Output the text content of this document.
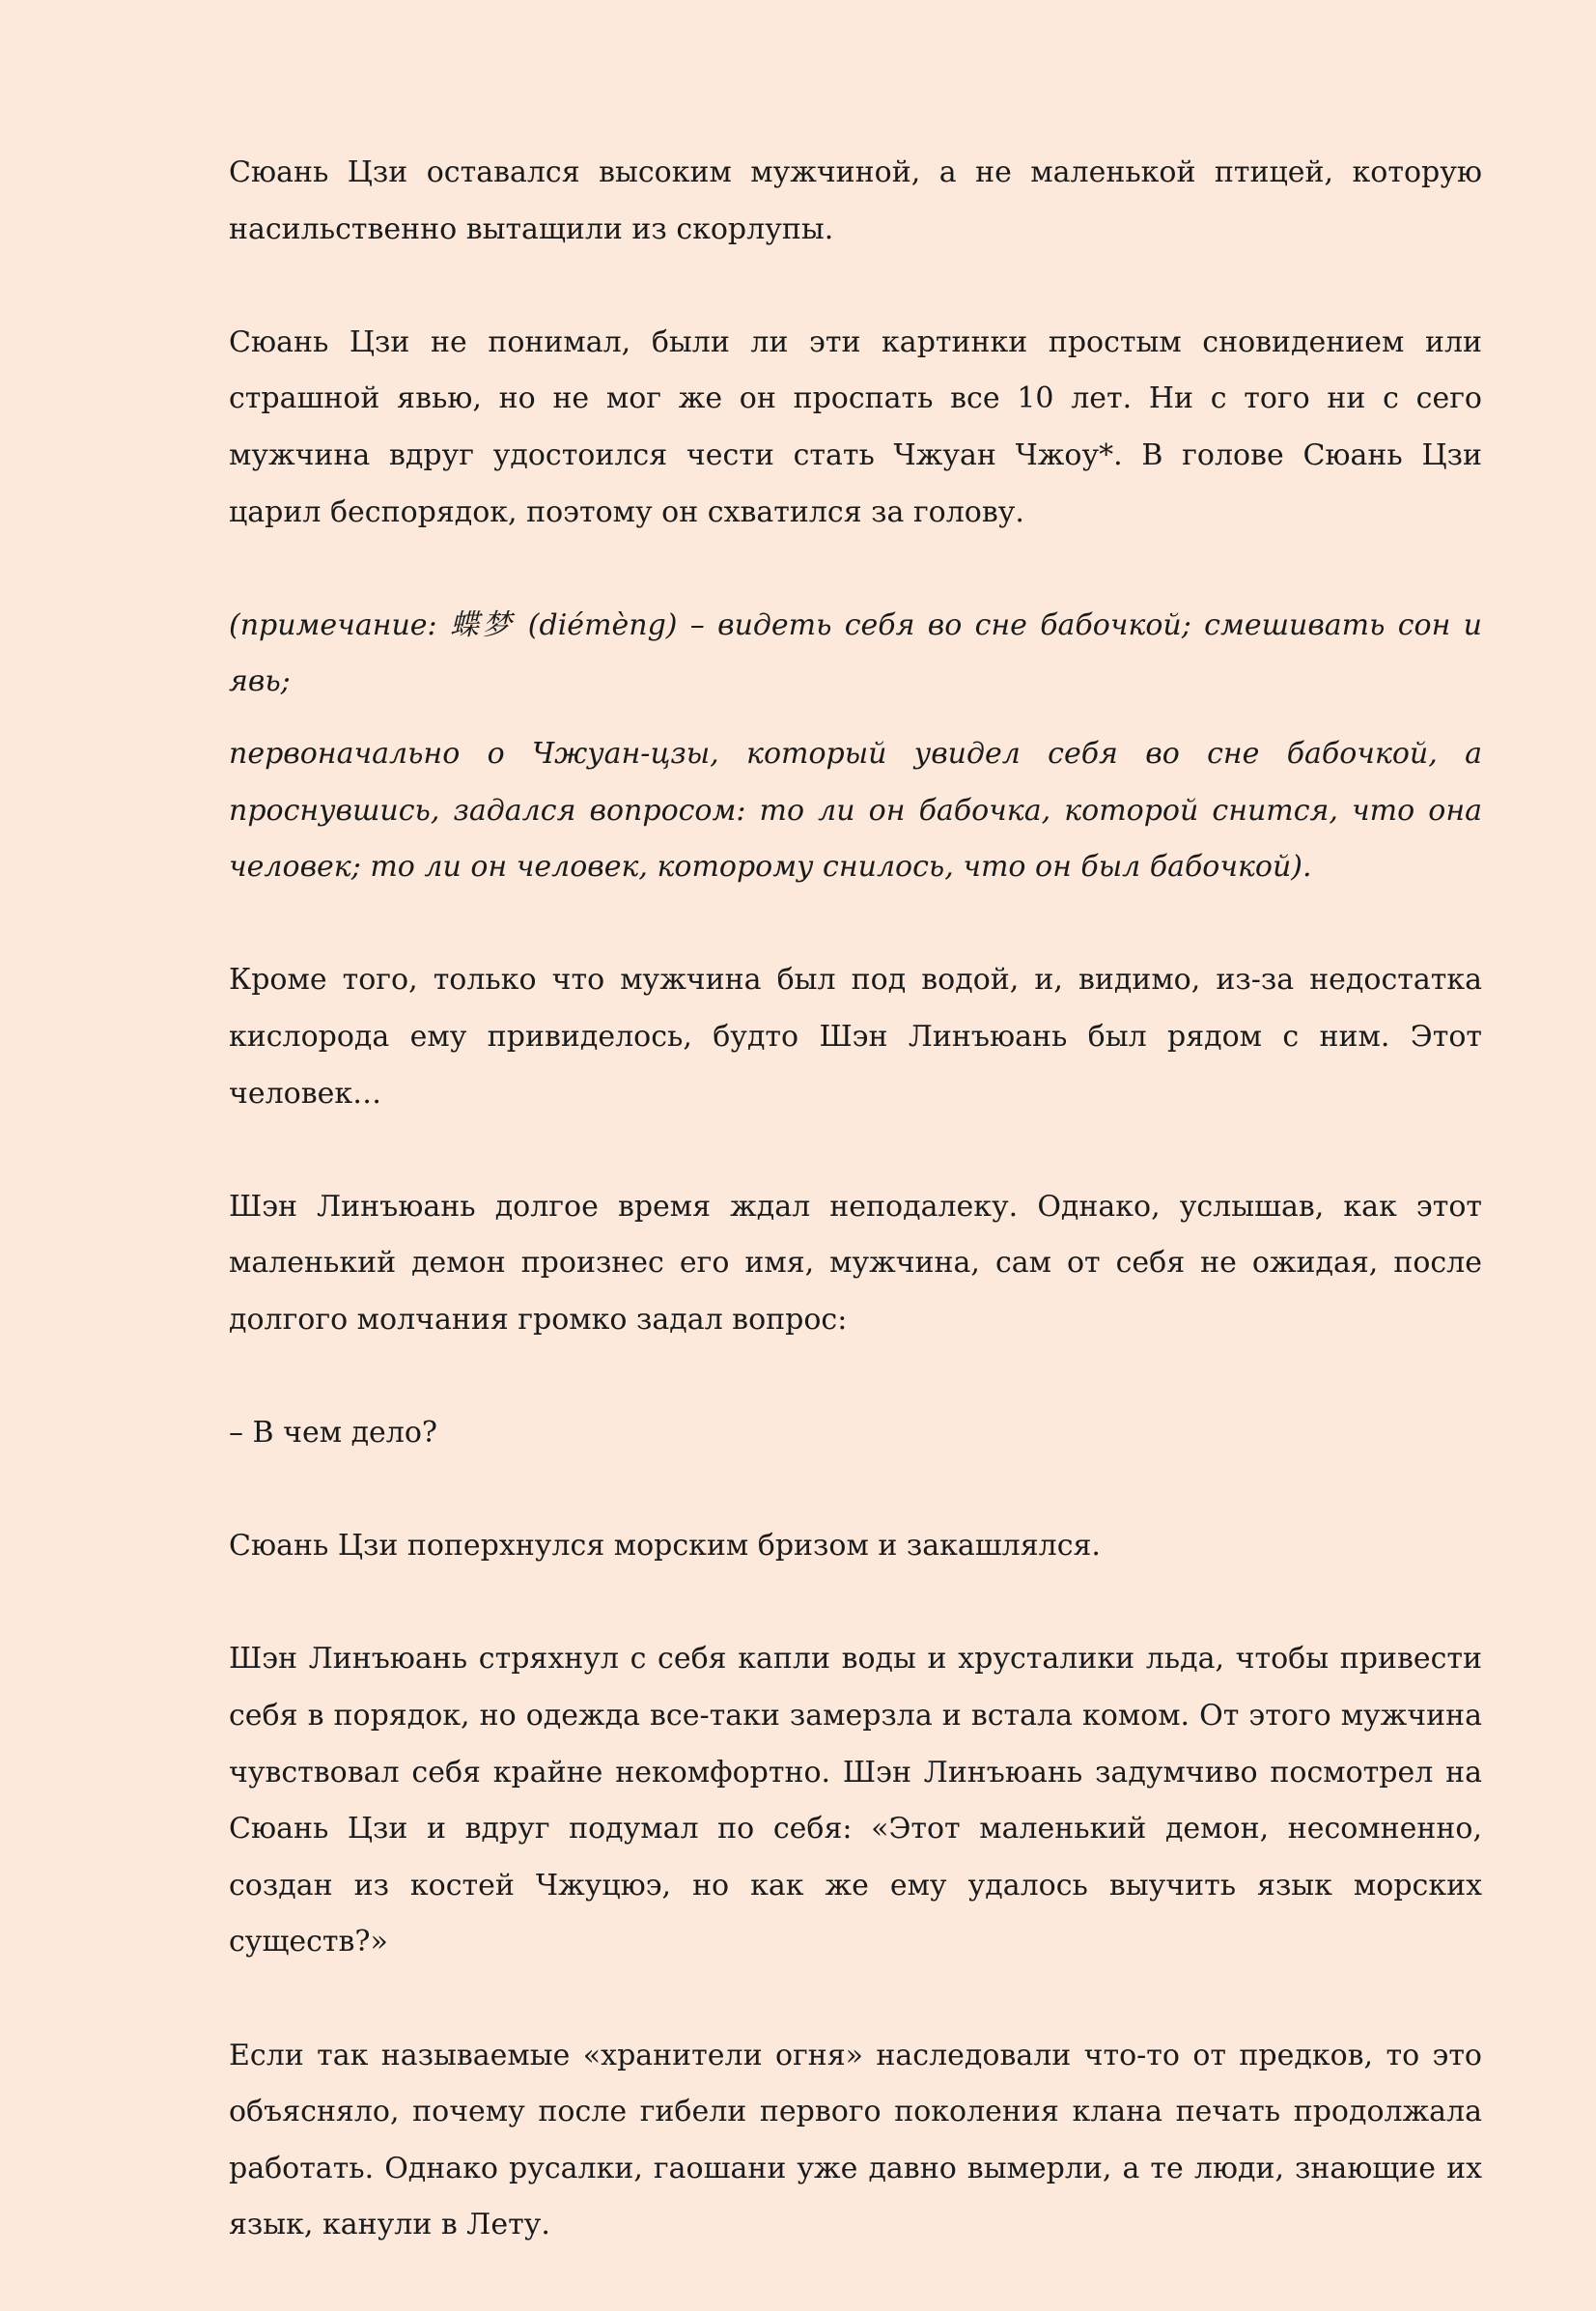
Сюань Цзи оставался высоким мужчиной, а не маленькой птицей, которую насильственно вытащили из скорлупы.

Сюань Цзи не понимал, были ли эти картинки простым сновидением или страшной явью, но не мог же он проспать все 10 лет. Ни с того ни с сего мужчина вдруг удостоился чести стать Чжуан Чжоу*. В голове Сюань Цзи царил беспорядок, поэтому он схватился за голову.

(примечание: 蝶梦 (diémèng) – видеть себя во сне бабочкой; смешивать сон и явь;
первоначально о Чжуан-цзы, который увидел себя во сне бабочкой, а проснувшись, задался вопросом: то ли он бабочка, которой снится, что она человек; то ли он человек, которому снилось, что он был бабочкой).

Кроме того, только что мужчина был под водой, и, видимо, из-за недостатка кислорода ему привиделось, будто Шэн Линъюань был рядом с ним. Этот человек…

Шэн Линъюань долгое время ждал неподалеку. Однако, услышав, как этот маленький демон произнес его имя, мужчина, сам от себя не ожидая, после долгого молчания громко задал вопрос:

– В чем дело?

Сюань Цзи поперхнулся морским бризом и закашлялся.

Шэн Линъюань стряхнул с себя капли воды и хрусталики льда, чтобы привести себя в порядок, но одежда все-таки замерзла и встала комом. От этого мужчина чувствовал себя крайне некомфортно. Шэн Линъюань задумчиво посмотрел на Сюань Цзи и вдруг подумал по себя: «Этот маленький демон, несомненно, создан из костей Чжуцюэ, но как же ему удалось выучить язык морских существ?»

Если так называемые «хранители огня» наследовали что-то от предков, то это объясняло, почему после гибели первого поколения клана печать продолжала работать. Однако русалки, гаошани уже давно вымерли, а те люди, знающие их язык, канули в Лету.
